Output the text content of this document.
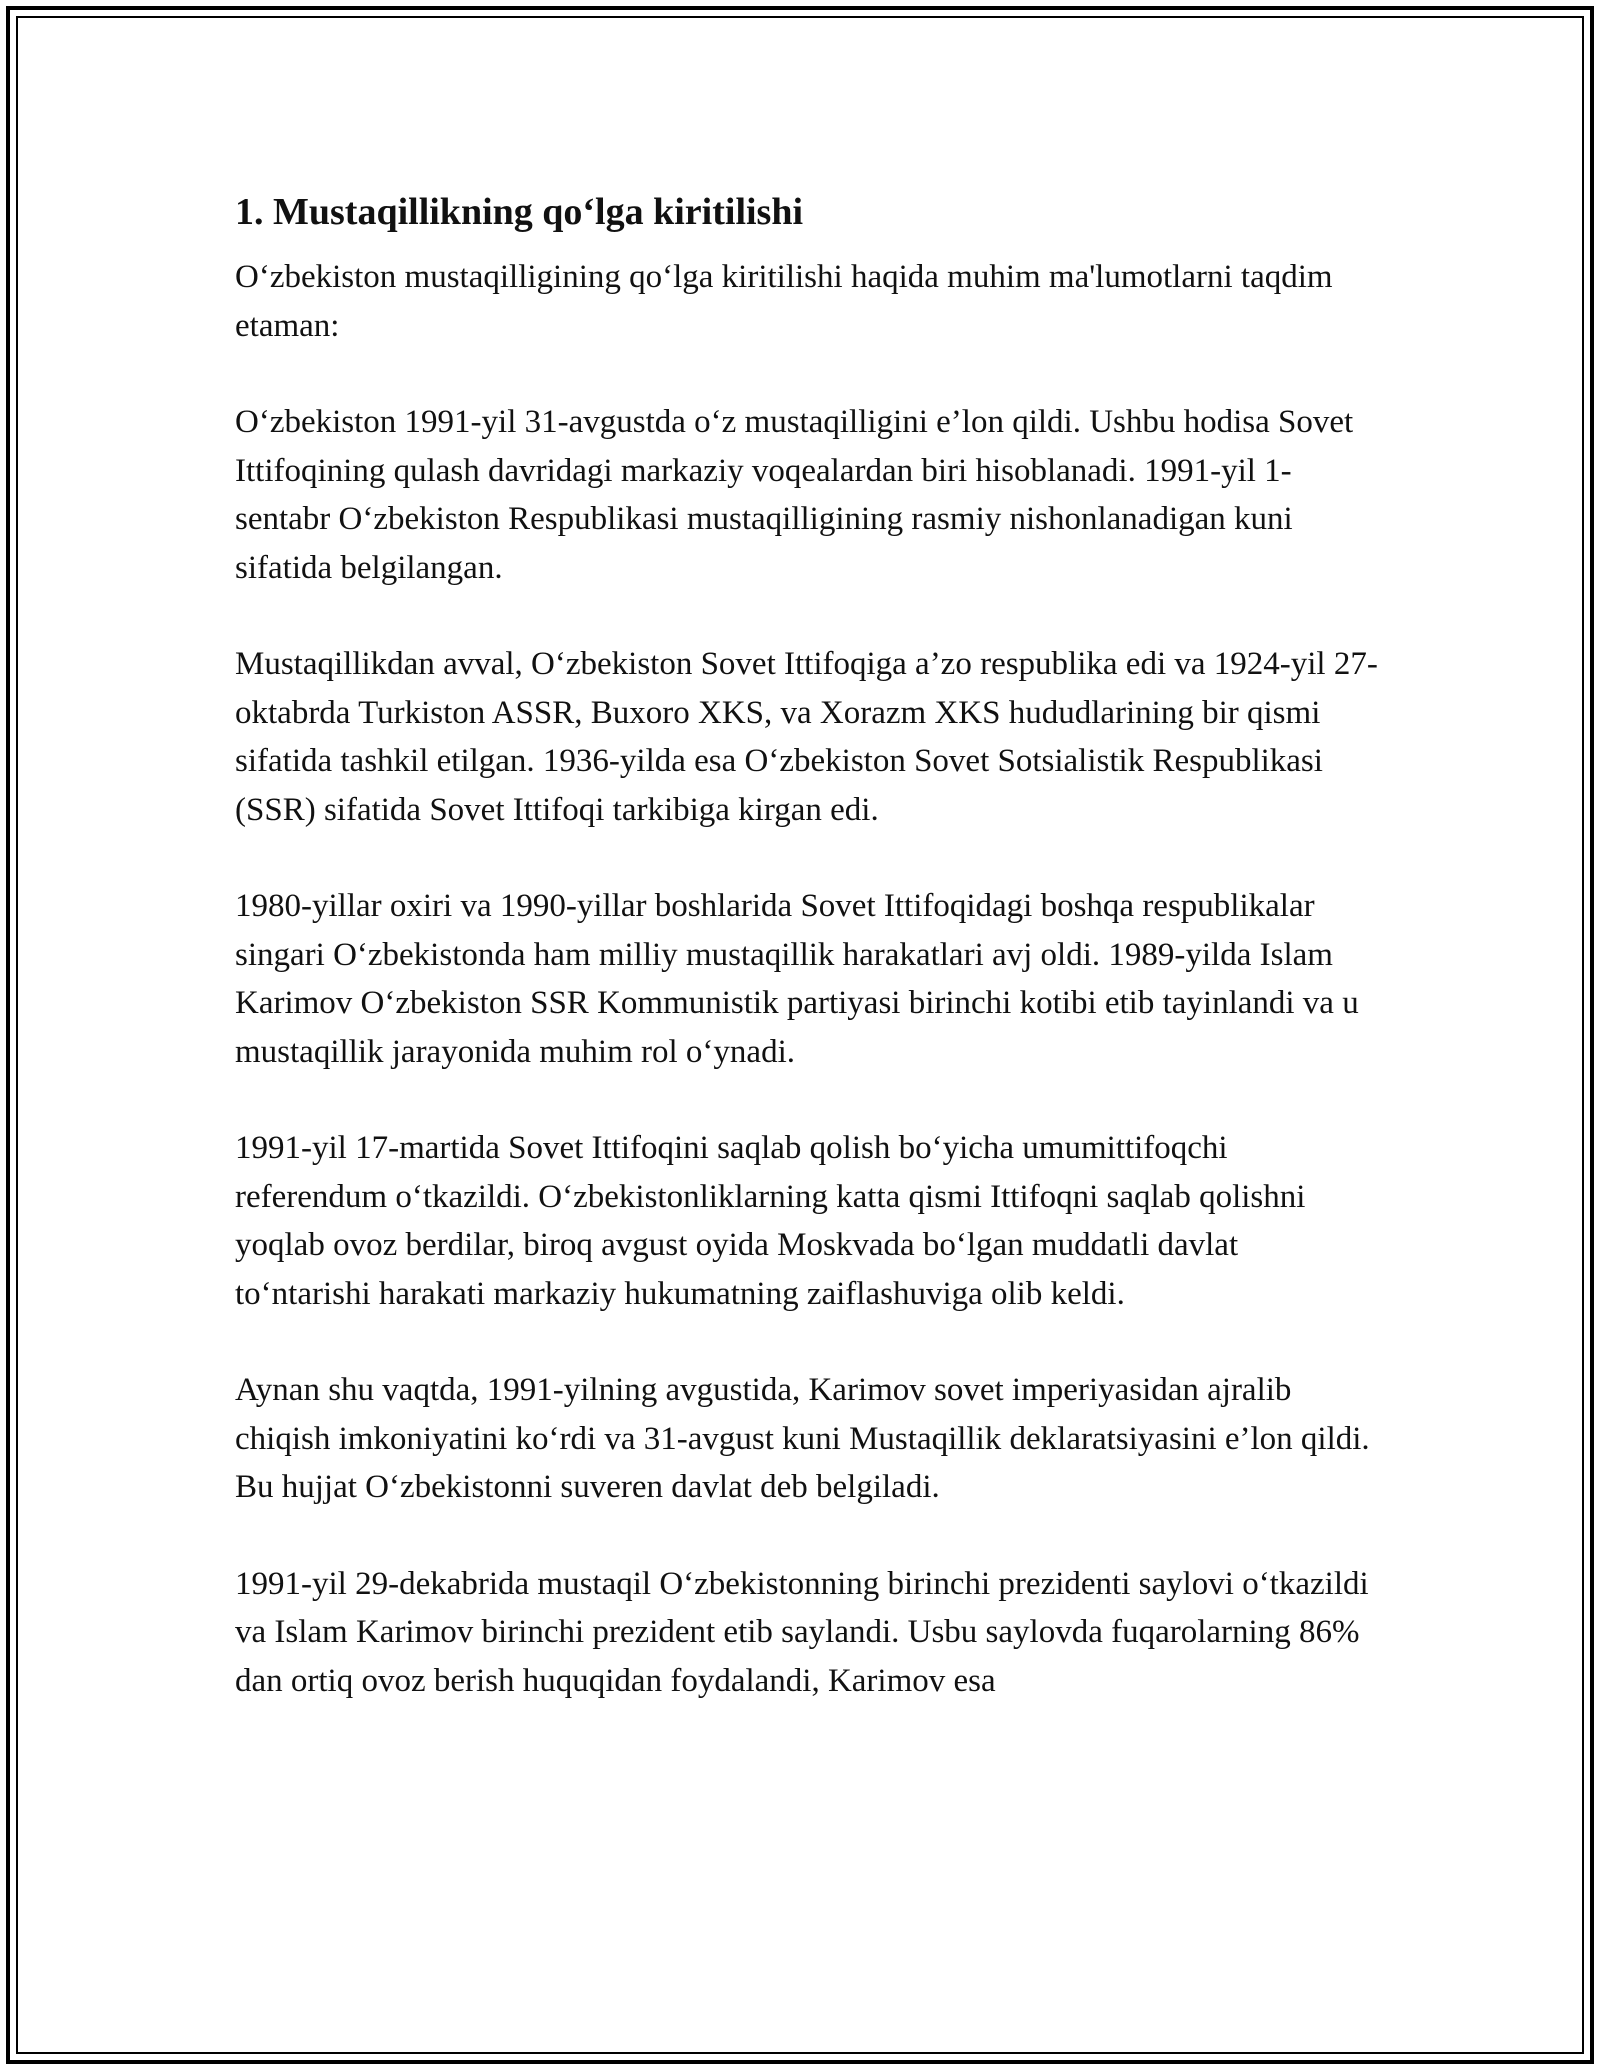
1. Mustaqillikning qo‘lga kiritilishi

O‘zbekiston mustaqilligining qo‘lga kiritilishi haqida muhim ma'lumotlarni taqdim etaman:

O‘zbekiston 1991-yil 31-avgustda o‘z mustaqilligini e’lon qildi. Ushbu hodisa Sovet Ittifoqining qulash davridagi markaziy voqealardan biri hisoblanadi. 1991-yil 1-sentabr O‘zbekiston Respublikasi mustaqilligining rasmiy nishonlanadigan kuni sifatida belgilangan.

Mustaqillikdan avval, O‘zbekiston Sovet Ittifoqiga a’zo respublika edi va 1924-yil 27-oktabrda Turkiston ASSR, Buxoro XKS, va Xorazm XKS hududlarining bir qismi sifatida tashkil etilgan. 1936-yilda esa O‘zbekiston Sovet Sotsialistik Respublikasi (SSR) sifatida Sovet Ittifoqi tarkibiga kirgan edi.

1980-yillar oxiri va 1990-yillar boshlarida Sovet Ittifoqidagi boshqa respublikalar singari O‘zbekistonda ham milliy mustaqillik harakatlari avj oldi. 1989-yilda Islam Karimov O‘zbekiston SSR Kommunistik partiyasi birinchi kotibi etib tayinlandi va u mustaqillik jarayonida muhim rol o‘ynadi.

1991-yil 17-martida Sovet Ittifoqini saqlab qolish bo‘yicha umumittifoqchi referendum o‘tkazildi. O‘zbekistonliklarning katta qismi Ittifoqni saqlab qolishni yoqlab ovoz berdilar, biroq avgust oyida Moskvada bo‘lgan muddatli davlat to‘ntarishi harakati markaziy hukumatning zaiflashuviga olib keldi.

Aynan shu vaqtda, 1991-yilning avgustida, Karimov sovet imperiyasidan ajralib chiqish imkoniyatini ko‘rdi va 31-avgust kuni Mustaqillik deklaratsiyasini e’lon qildi. Bu hujjat O‘zbekistonni suveren davlat deb belgiladi.

1991-yil 29-dekabrida mustaqil O‘zbekistonning birinchi prezidenti saylovi o‘tkazildi va Islam Karimov birinchi prezident etib saylandi. Usbu saylovda fuqarolarning 86% dan ortiq ovoz berish huquqidan foydalandi, Karimov esa
